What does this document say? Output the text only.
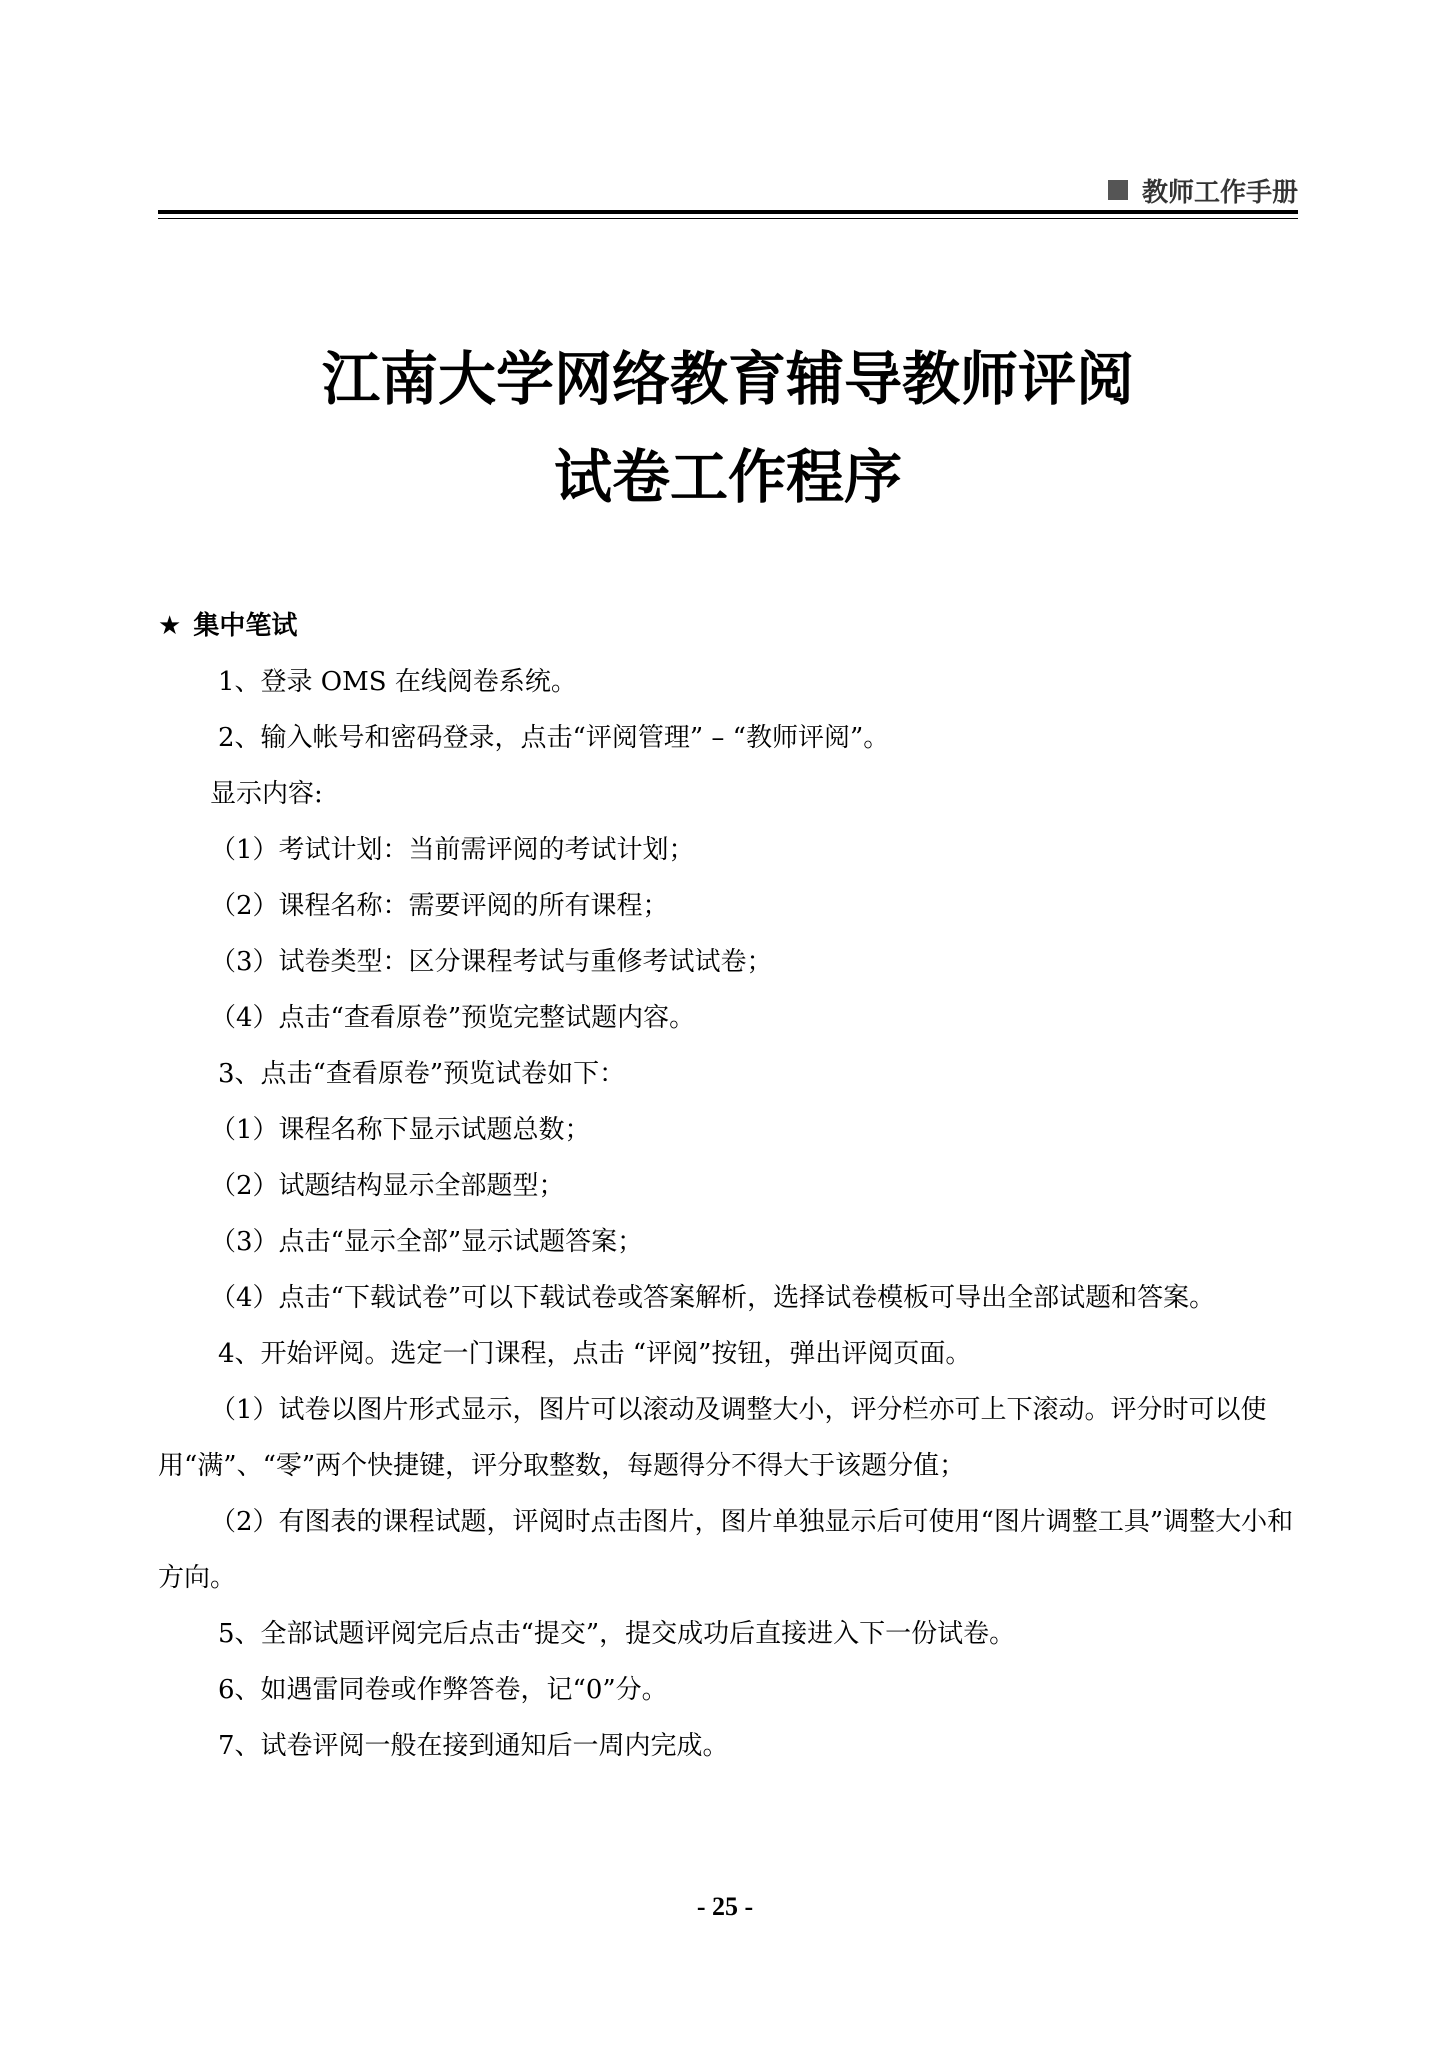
教师工作手册
江南大学网络教育辅导教师评阅
试卷工作程序
★ 集中笔试

1、登录 OMS 在线阅卷系统。

2、输入帐号和密码登录，点击“评阅管理” – “教师评阅”。

显示内容:

（1）考试计划：当前需评阅的考试计划；

（2）课程名称：需要评阅的所有课程；

（3）试卷类型：区分课程考试与重修考试试卷；

（4）点击“查看原卷”预览完整试题内容。

3、点击“查看原卷”预览试卷如下：

（1）课程名称下显示试题总数；

（2）试题结构显示全部题型；

（3）点击“显示全部”显示试题答案；

（4）点击“下载试卷”可以下载试卷或答案解析，选择试卷模板可导出全部试题和答案。

4、开始评阅。选定一门课程，点击 “评阅”按钮，弹出评阅页面。

（1）试卷以图片形式显示，图片可以滚动及调整大小，评分栏亦可上下滚动。评分时可以使用“满”、“零”两个快捷键，评分取整数，每题得分不得大于该题分值；

（2）有图表的课程试题，评阅时点击图片，图片单独显示后可使用“图片调整工具”调整大小和方向。

5、全部试题评阅完后点击“提交”，提交成功后直接进入下一份试卷。

6、如遇雷同卷或作弊答卷，记“0”分。

7、试卷评阅一般在接到通知后一周内完成。

- 25 -
